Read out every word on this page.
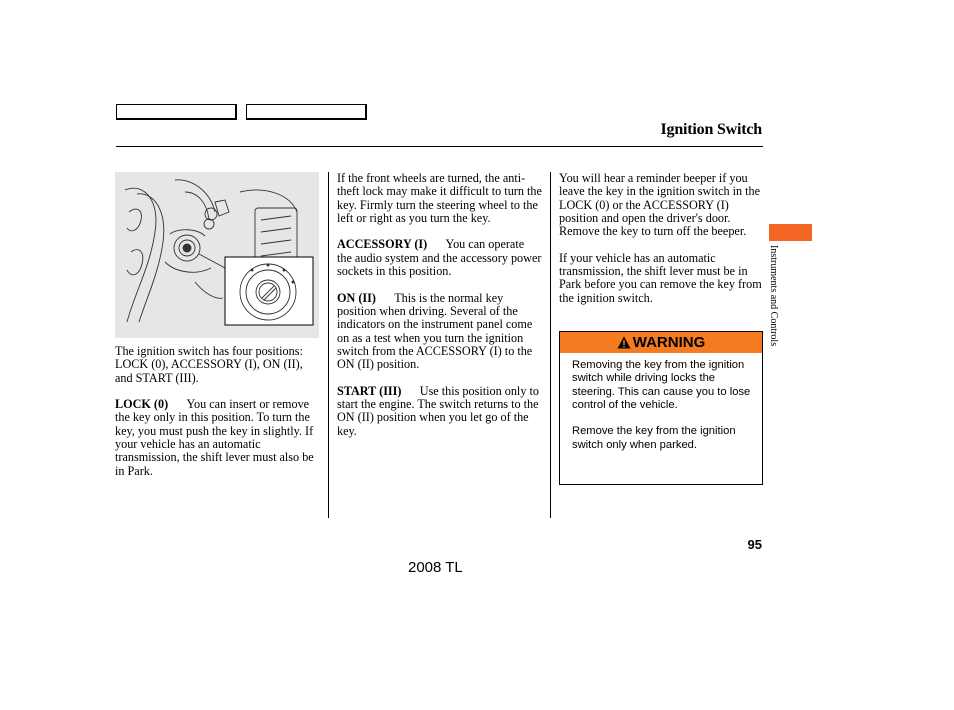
Ignition Switch

The ignition switch has four positions: LOCK (0), ACCESSORY (I), ON (II), and START (III).

LOCK (0) You can insert or remove the key only in this position. To turn the key, you must push the key in slightly. If your vehicle has an automatic transmission, the shift lever must also be in Park.

If the front wheels are turned, the anti-theft lock may make it difficult to turn the key. Firmly turn the steering wheel to the left or right as you turn the key.

ACCESSORY (I) You can operate the audio system and the accessory power sockets in this position.

ON (II) This is the normal key position when driving. Several of the indicators on the instrument panel come on as a test when you turn the ignition switch from the ACCESSORY (I) to the ON (II) position.

START (III) Use this position only to start the engine. The switch returns to the ON (II) position when you let go of the key.

You will hear a reminder beeper if you leave the key in the ignition switch in the LOCK (0) or the ACCESSORY (I) position and open the driver's door. Remove the key to turn off the beeper.

If your vehicle has an automatic transmission, the shift lever must be in Park before you can remove the key from the ignition switch.

WARNING

Removing the key from the ignition switch while driving locks the steering. This can cause you to lose control of the vehicle.

Remove the key from the ignition switch only when parked.

Instruments and Controls
95
2008 TL
